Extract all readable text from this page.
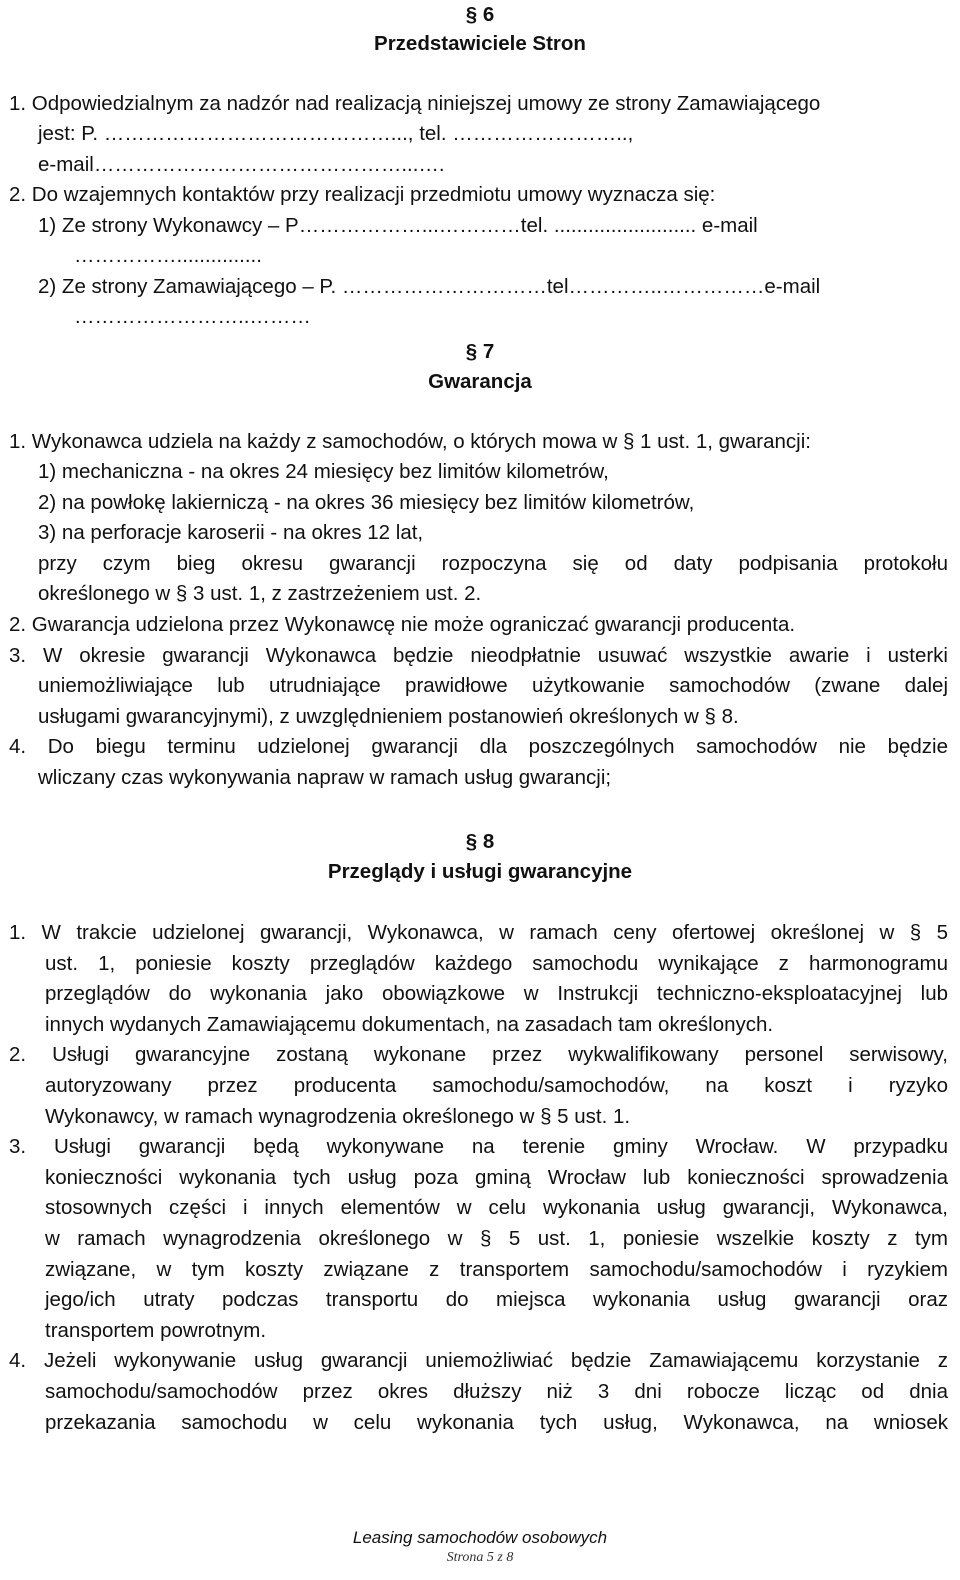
§ 6
Przedstawiciele Stron
1. Odpowiedzialnym za nadzór nad realizacją niniejszej umowy ze strony Zamawiającego
jest: P. ……………………………………..., tel. ……………………..,
e-mail………………………………………...….
2. Do wzajemnych kontaktów przy realizacji przedmiotu umowy wyznacza się:
1) Ze strony Wykonawcy – P………………...…………tel. ......................... e-mail
……………...............
2) Ze strony Zamawiającego – P. …………………………tel…………..……………e-mail
……………………..………
§ 7
Gwarancja
1. Wykonawca udziela na każdy z samochodów, o których mowa w § 1 ust. 1, gwarancji:
1) mechaniczna - na okres 24 miesięcy bez limitów kilometrów,
2) na powłokę lakierniczą - na okres 36 miesięcy bez limitów kilometrów,
3) na perforacje karoserii - na okres 12 lat,
przy czym bieg okresu gwarancji rozpoczyna się od daty podpisania protokołu
określonego w § 3 ust. 1, z zastrzeżeniem ust. 2.
2. Gwarancja udzielona przez Wykonawcę nie może ograniczać gwarancji producenta.
3. W okresie gwarancji Wykonawca będzie nieodpłatnie usuwać wszystkie awarie i usterki
uniemożliwiające lub utrudniające prawidłowe użytkowanie samochodów (zwane dalej
usługami gwarancyjnymi), z uwzględnieniem postanowień określonych w § 8.
4. Do biegu terminu udzielonej gwarancji dla poszczególnych samochodów nie będzie
wliczany czas wykonywania napraw w ramach usług gwarancji;
§ 8
Przeglądy i usługi gwarancyjne
1. W trakcie udzielonej gwarancji, Wykonawca, w ramach ceny ofertowej określonej w § 5
ust. 1, poniesie koszty przeglądów każdego samochodu wynikające z harmonogramu
przeglądów do wykonania jako obowiązkowe w Instrukcji techniczno-eksploatacyjnej lub
innych wydanych Zamawiającemu dokumentach, na zasadach tam określonych.
2. Usługi gwarancyjne zostaną wykonane przez wykwalifikowany personel serwisowy,
autoryzowany przez producenta samochodu/samochodów, na koszt i ryzyko
Wykonawcy, w ramach wynagrodzenia określonego w § 5 ust. 1.
3. Usługi gwarancji będą wykonywane na terenie gminy Wrocław. W przypadku
konieczności wykonania tych usług poza gminą Wrocław lub konieczności sprowadzenia
stosownych części i innych elementów w celu wykonania usług gwarancji, Wykonawca,
w ramach wynagrodzenia określonego w § 5 ust. 1, poniesie wszelkie koszty z tym
związane, w tym koszty związane z transportem samochodu/samochodów i ryzykiem
jego/ich utraty podczas transportu do miejsca wykonania usług gwarancji oraz
transportem powrotnym.
4. Jeżeli wykonywanie usług gwarancji uniemożliwiać będzie Zamawiającemu korzystanie z
samochodu/samochodów przez okres dłuższy niż 3 dni robocze licząc od dnia
przekazania samochodu w celu wykonania tych usług, Wykonawca, na wniosek
Leasing samochodów osobowych
Strona 5 z 8
